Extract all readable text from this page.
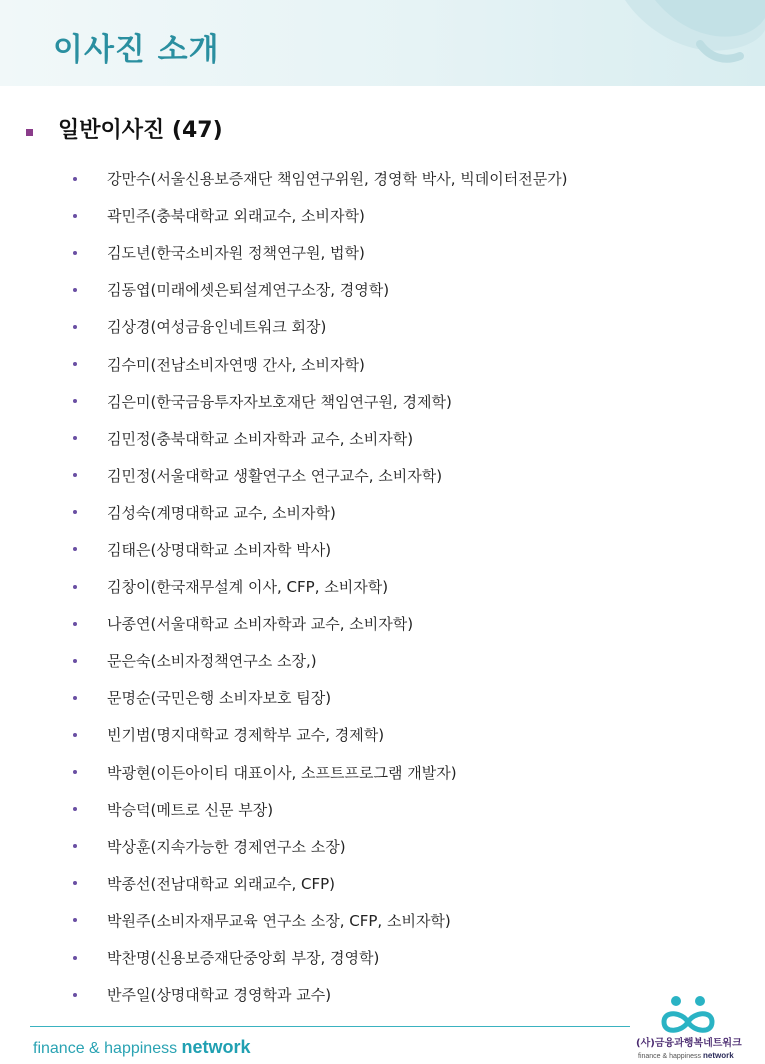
이사진 소개
일반이사진 (47)
강만수(서울신용보증재단 책임연구위원, 경영학 박사, 빅데이터전문가)
곽민주(충북대학교 외래교수, 소비자학)
김도년(한국소비자원 정책연구원, 법학)
김동엽(미래에셋은퇴설계연구소장, 경영학)
김상경(여성금융인네트워크 회장)
김수미(전남소비자연맹 간사, 소비자학)
김은미(한국금융투자자보호재단 책임연구원, 경제학)
김민정(충북대학교 소비자학과 교수, 소비자학)
김민정(서울대학교 생활연구소 연구교수, 소비자학)
김성숙(계명대학교 교수, 소비자학)
김태은(상명대학교 소비자학 박사)
김창이(한국재무설계 이사, CFP, 소비자학)
나종연(서울대학교 소비자학과 교수, 소비자학)
문은숙(소비자정책연구소 소장,)
문명순(국민은행 소비자보호 팀장)
빈기범(명지대학교 경제학부 교수, 경제학)
박광현(이든아이티 대표이사, 소프트프로그램 개발자)
박승덕(메트로 신문 부장)
박상훈(지속가능한 경제연구소 소장)
박종선(전남대학교 외래교수, CFP)
박원주(소비자재무교육 연구소 소장, CFP, 소비자학)
박찬명(신용보증재단중앙회 부장, 경영학)
반주일(상명대학교 경영학과 교수)
finance & happiness network	(사)금융과행복네트워크
finance & happiness network
